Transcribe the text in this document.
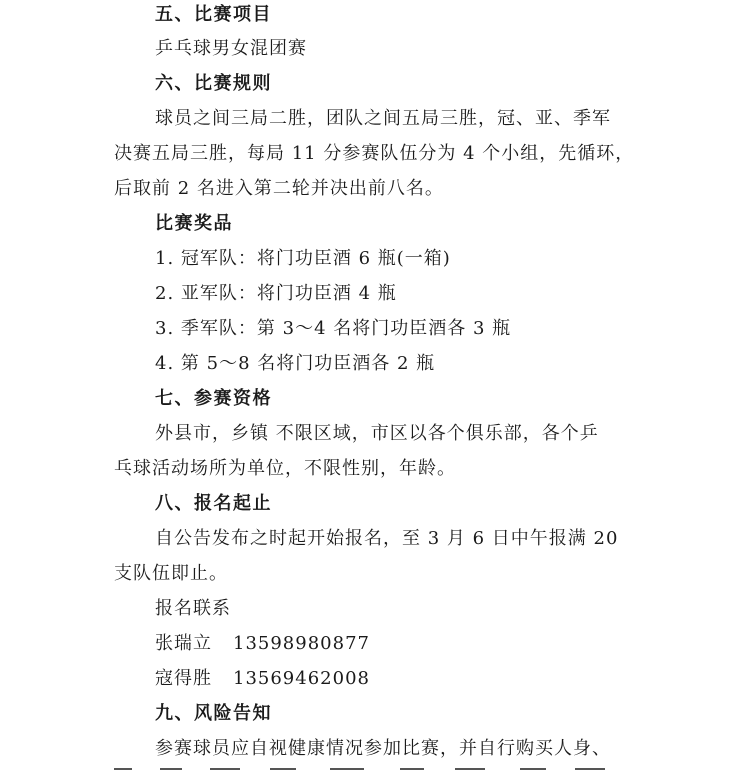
五、比赛项目
乒乓球男女混团赛
六、比赛规则
球员之间三局二胜，团队之间五局三胜，冠、亚、季军
决赛五局三胜，每局 11 分参赛队伍分为 4 个小组，先循环，
后取前 2 名进入第二轮并决出前八名。
比赛奖品
1. 冠军队：将门功臣酒 6 瓶(一箱)
2. 亚军队：将门功臣酒 4 瓶
3. 季军队：第 3～4 名将门功臣酒各 3 瓶
4. 第 5～8 名将门功臣酒各 2 瓶
七、参赛资格
外县市，乡镇 不限区域，市区以各个俱乐部，各个乒
乓球活动场所为单位，不限性别，年龄。
八、报名起止
自公告发布之时起开始报名，至 3 月 6 日中午报满 20
支队伍即止。
报名联系
张瑞立 13598980877
寇得胜 13569462008
九、风险告知
参赛球员应自视健康情况参加比赛，并自行购买人身、
